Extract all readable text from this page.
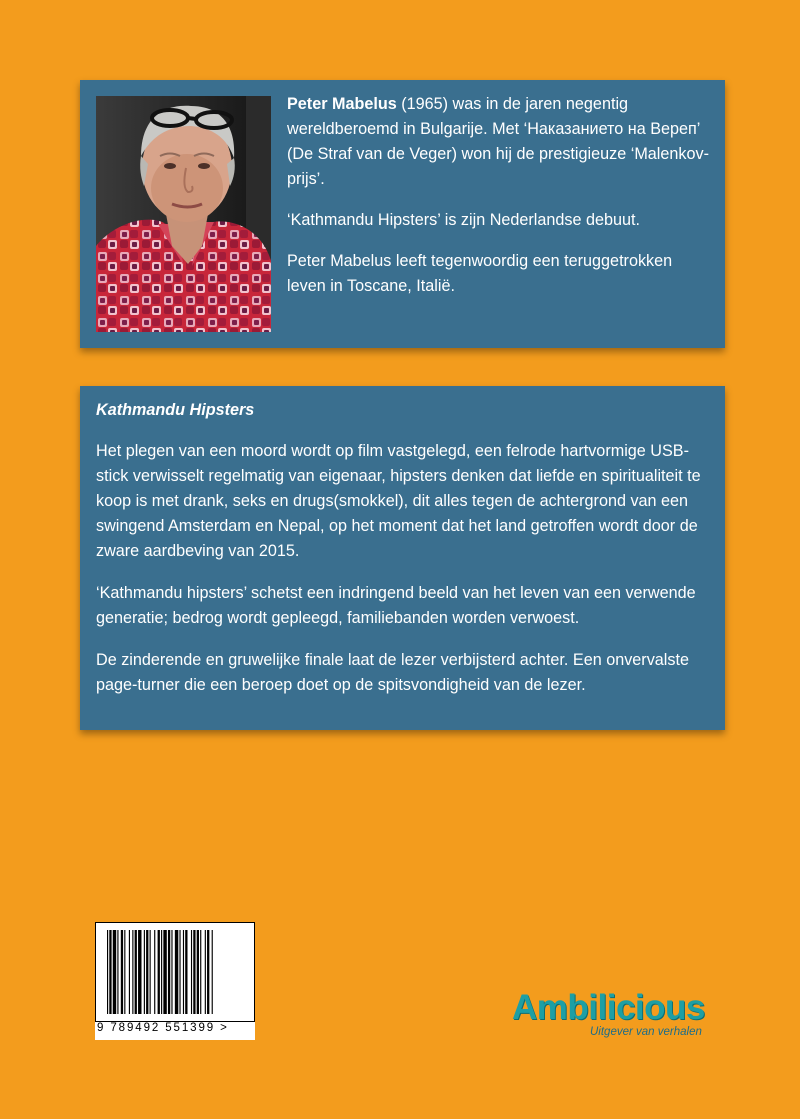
Peter Mabelus (1965) was in de jaren negentig wereldberoemd in Bulgarije. Met ‘Наказанието на Вереп’ (De Straf van de Veger) won hij de prestigieuze ‘Malenkov-prijs’.

‘Kathmandu Hipsters’ is zijn Nederlandse debuut.

Peter Mabelus leeft tegenwoordig een teruggetrokken leven in Toscane, Italië.

Kathmandu Hipsters

Het plegen van een moord wordt op film vastgelegd, een felrode hartvormige USB-stick verwisselt regelmatig van eigenaar, hipsters denken dat liefde en spiritualiteit te koop is met drank, seks en drugs(smokkel), dit alles tegen de achtergrond van een swingend Amsterdam en Nepal, op het moment dat het land getroffen wordt door de zware aardbeving van 2015.

‘Kathmandu hipsters’ schetst een indringend beeld van het leven van een verwende generatie; bedrog wordt gepleegd, familiebanden worden verwoest.

De zinderende en gruwelijke finale laat de lezer verbijsterd achter. Een onvervalste page-turner die een beroep doet op de spitsvondigheid van de lezer.

9 789492 551399 >
Ambilicious
Uitgever van verhalen
